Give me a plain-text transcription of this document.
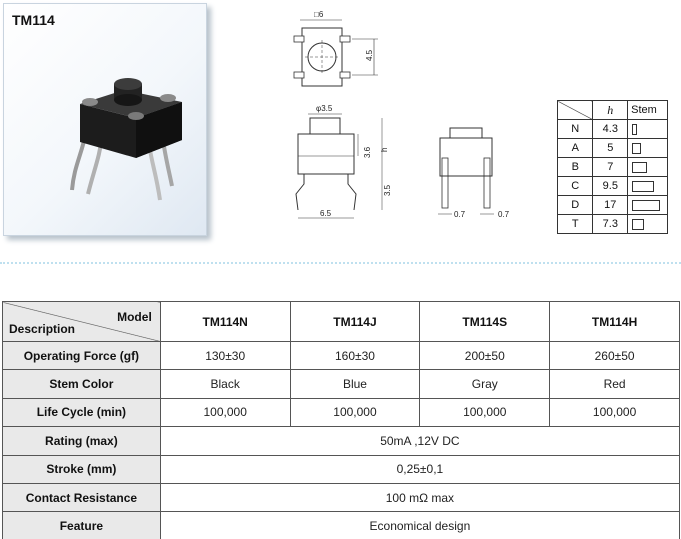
TM114	□6
4.5
φ3.5
3.6 h
3.5
6.5	0.7	0.7
	h	Stem
N	4.3	
A	5	
B	7	
C	9.5	
D	17	
T	7.3	
Model
Description	TM114N	TM114J	TM114S	TM114H
Operating Force (gf)	130±30	160±30	200±50	260±50
Stem Color	Black	Blue	Gray	Red
Life Cycle (min)	100,000	100,000	100,000	100,000
Rating (max)	50mA ,12V DC			
Stroke (mm)	0,25±0,1			
Contact Resistance	100 mΩ max			
Feature	Economical design			
